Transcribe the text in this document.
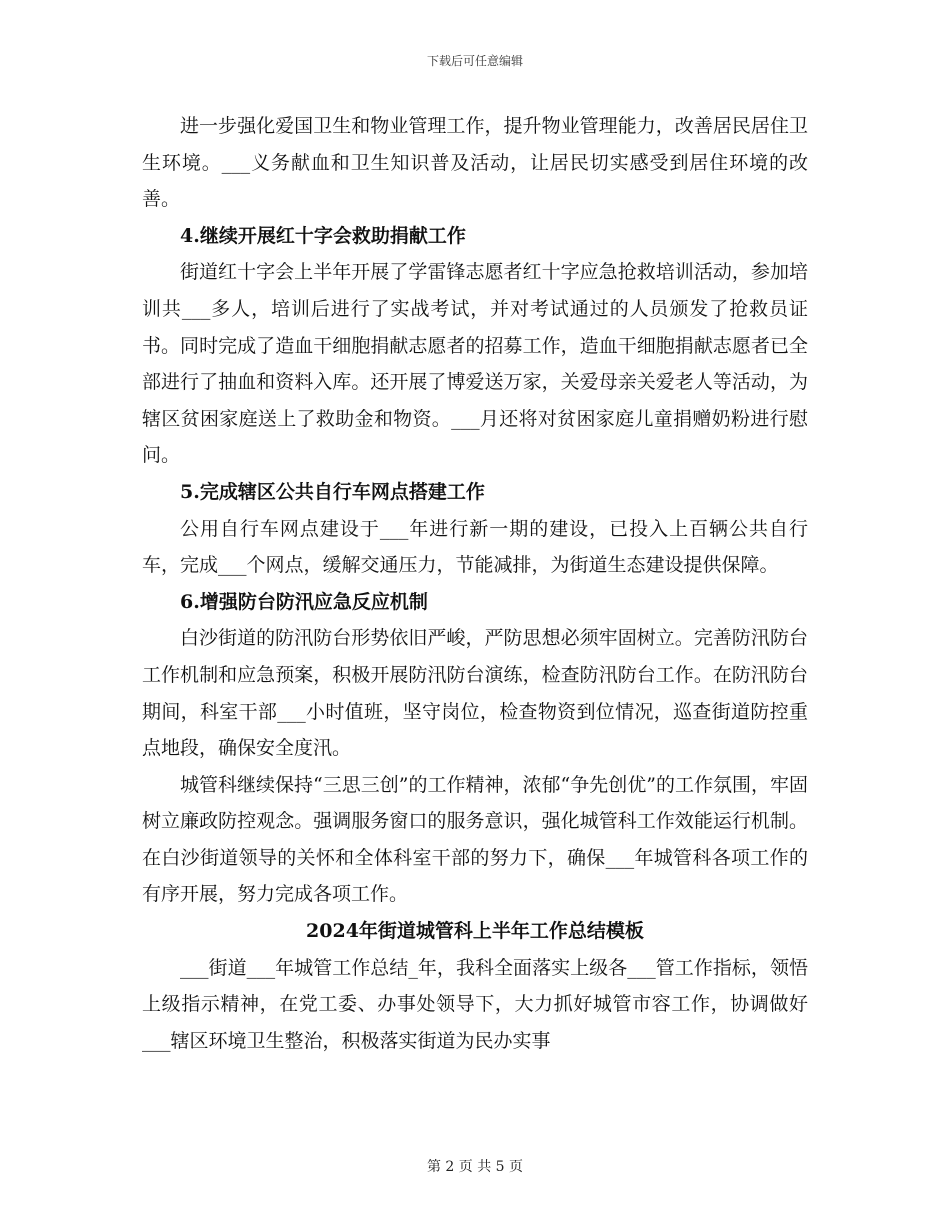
下载后可任意编辑

进一步强化爱国卫生和物业管理工作，提升物业管理能力，改善居民居住卫生环境。___义务献血和卫生知识普及活动，让居民切实感受到居住环境的改善。

4.继续开展红十字会救助捐献工作

街道红十字会上半年开展了学雷锋志愿者红十字应急抢救培训活动，参加培训共___多人，培训后进行了实战考试，并对考试通过的人员颁发了抢救员证书。同时完成了造血干细胞捐献志愿者的招募工作，造血干细胞捐献志愿者已全部进行了抽血和资料入库。还开展了博爱送万家，关爱母亲关爱老人等活动，为辖区贫困家庭送上了救助金和物资。___月还将对贫困家庭儿童捐赠奶粉进行慰问。

5.完成辖区公共自行车网点搭建工作

公用自行车网点建设于___年进行新一期的建设，已投入上百辆公共自行车，完成___个网点，缓解交通压力，节能减排，为街道生态建设提供保障。

6.增强防台防汛应急反应机制

白沙街道的防汛防台形势依旧严峻，严防思想必须牢固树立。完善防汛防台工作机制和应急预案，积极开展防汛防台演练，检查防汛防台工作。在防汛防台期间，科室干部___小时值班，坚守岗位，检查物资到位情况，巡查街道防控重点地段，确保安全度汛。

城管科继续保持“三思三创”的工作精神，浓郁“争先创优”的工作氛围，牢固树立廉政防控观念。强调服务窗口的服务意识，强化城管科工作效能运行机制。在白沙街道领导的关怀和全体科室干部的努力下，确保___年城管科各项工作的有序开展，努力完成各项工作。

2024年街道城管科上半年工作总结模板

___街道___年城管工作总结_年，我科全面落实上级各___管工作指标，领悟上级指示精神，在党工委、办事处领导下，大力抓好城管市容工作，协调做好___辖区环境卫生整治，积极落实街道为民办实事

第 2 页 共 5 页
